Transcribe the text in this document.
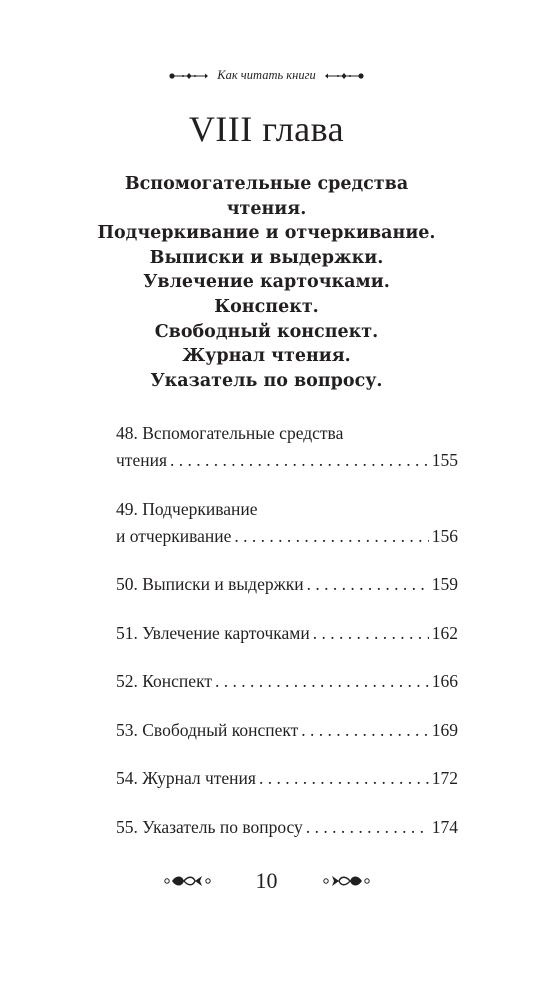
Как читать книги
VIII глава
Вспомогательные средства
чтения.
Подчеркивание и отчеркивание.
Выписки и выдержки.
Увлечение карточками.
Конспект.
Свободный конспект.
Журнал чтения.
Указатель по вопросу.
48. Вспомогательные средства
чтения . . .	155
49. Подчеркивание
и отчеркивание . . .	156
50. Выписки и выдержки . . .	159
51. Увлечение карточками . . .	162
52. Конспект . . .	166
53. Свободный конспект . . .	169
54. Журнал чтения . . .	172
55. Указатель по вопросу . . .	174
10
